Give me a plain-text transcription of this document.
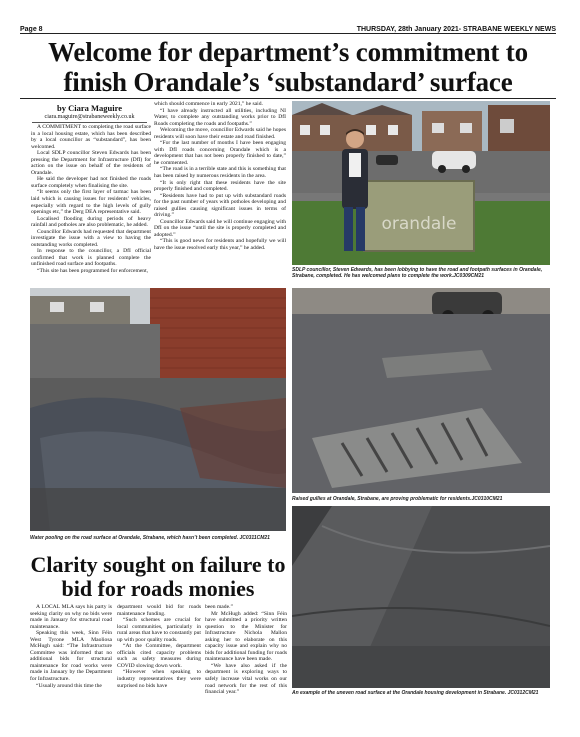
Page 8	THURSDAY, 28th January 2021- STRABANE WEEKLY NEWS
Welcome for department’s commitment to finish Orandale’s ‘substandard’ surface
by Ciara Maguire
ciara.maguire@strabaneweekly.co.uk

A COMMITMENT to completing the road surface in a local housing estate, which has been described by a local councillor as “substandard”, has been welcomed.

Local SDLP councillor Steven Edwards has been pressing the Department for Infrastructure (DfI) for action on the issue on behalf of the residents of Orandale.

He said the developer had not finished the roads surface completely when finalising the site.

“It seems only the first layer of tarmac has been laid which is causing issues for residents’ vehicles, especially with regard to the high levels of gully openings etc,” the Derg DEA representative said.

Localised flooding during periods of heavy rainfall and potholes are also problematic, he added.

Councillor Edwards had requested that department investigate the issue with a view to having the outstanding works completed.

In response to the councillor, a DfI official confirmed that work is planned complete the unfinished road surface and footpaths.

“This site has been programmed for enforcement,

which should commence in early 2021,” he said.

“I have already instructed all utilities, including NI Water, to complete any outstanding works prior to DfI Roads completing the roads and footpaths.”

Welcoming the move, councillor Edwards said he hopes residents will soon have their estate and road finished.

“For the last number of months I have been engaging with DfI roads concerning Orandale which is a development that has not been properly finished to date,” he commented.

“The road is in a terrible state and this is something that has been raised by numerous residents in the area.

“It is only right that these residents have the site properly finished and completed.

“Residents have had to put up with substandard roads for the past number of years with potholes developing and raised gullies causing significant issues in terms of driving.”

Councillor Edwards said he will continue engaging with DfI on the issue “until the site is properly completed and adopted.”

“This is good news for residents and hopefully we will have the issue resolved early this year,” he added.

orandale
SDLP councillor, Steven Edwards, has been lobbying to have the road and footpath surfaces in Orandale, Strabane, completed. He has welcomed plans to complete the work.JC0309CM21
Water pooling on the road surface at Orandale, Strabane, which hasn’t been completed. JC0311CM21
Raised gullies at Orandale, Strabane, are proving problematic for residents.JC0310CM21
An example of the uneven road surface at the Orandale housing development in Strabane. JC0312CM21
Clarity sought on failure to bid for roads monies

A LOCAL MLA says his party is seeking clarity on why no bids were made in January for structural road maintenance.

Speaking this week, Sinn Féin West Tyrone MLA Maoliosa McHugh said: “The Infrastructure Committee was informed that no additional bids for structural maintenance for road works were made in January by the Department for Infrastructure.

“Usually around this time the

department would bid for roads maintenance funding.

“Such schemes are crucial for local communities, particularly in rural areas that have to constantly put up with poor quality roads.

“At the Committee, department officials cited capacity problems such as safety measures during COVID slowing down work.

“However when speaking to industry representatives they were surprised no bids have

been made.”

Mr McHugh added: “Sinn Féin have submitted a priority written question to the Minister for Infrastructure Nichola Mallon asking her to elaborate on this capacity issue and explain why no bids for additional funding for roads maintenance have been made.

“We have also asked if the department is exploring ways to safely increase vital works on our road network for the rest of this financial year.”
